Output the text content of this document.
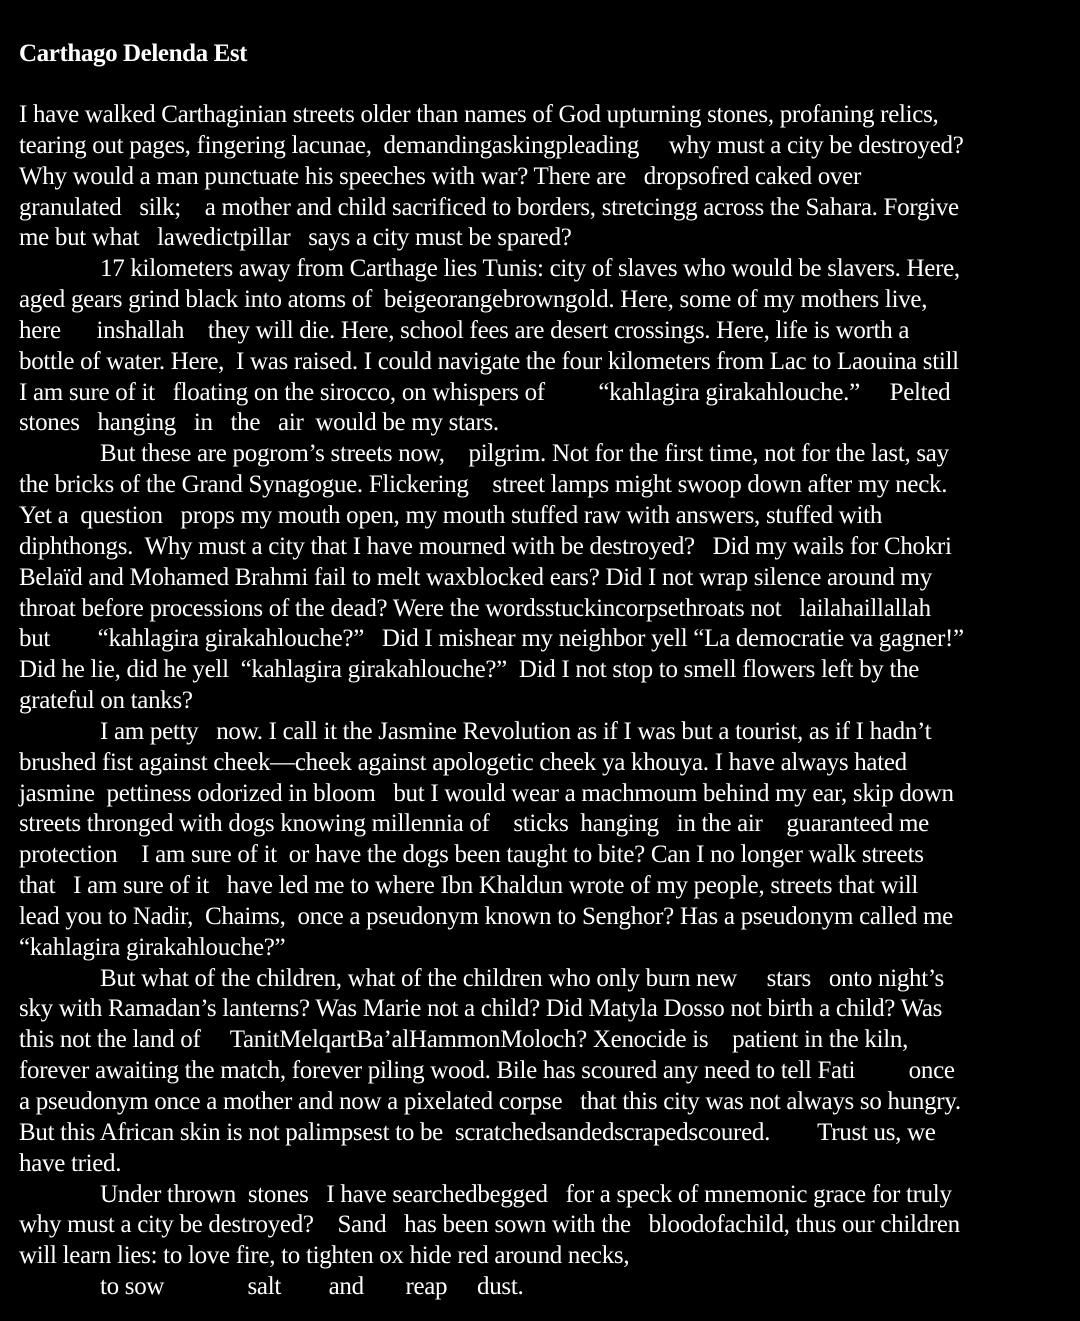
Carthago Delenda Est
I have walked Carthaginian streets older than names of God upturning stones, profaning relics,
tearing out pages, fingering lacunae,  demandingaskingpleading     why must a city be destroyed?
Why would a man punctuate his speeches with war? There are   dropsofred caked over
granulated   silk;    a mother and child sacrificed to borders, stretcingg across the Sahara. Forgive
me but what   lawedictpillar   says a city must be spared?
17 kilometers away from Carthage lies Tunis: city of slaves who would be slavers. Here,
aged gears grind black into atoms of  beigeorangebrowngold. Here, some of my mothers live,
here      inshallah    they will die. Here, school fees are desert crossings. Here, life is worth a
bottle of water. Here,  I was raised. I could navigate the four kilometers from Lac to Laouina still
I am sure of it   floating on the sirocco, on whispers of         “kahlagira girakahlouche.”     Pelted
stones   hanging   in   the   air  would be my stars.
But these are pogrom’s streets now,    pilgrim. Not for the first time, not for the last, say
the bricks of the Grand Synagogue. Flickering    street lamps might swoop down after my neck.
Yet a  question   props my mouth open, my mouth stuffed raw with answers, stuffed with
diphthongs.  Why must a city that I have mourned with be destroyed?   Did my wails for Chokri
Belaïd and Mohamed Brahmi fail to melt waxblocked ears? Did I not wrap silence around my
throat before processions of the dead? Were the wordsstuckincorpsethroats not   lailahaillallah
but        “kahlagira girakahlouche?”   Did I mishear my neighbor yell “La democratie va gagner!”
Did he lie, did he yell  “kahlagira girakahlouche?”  Did I not stop to smell flowers left by the
grateful on tanks?
I am petty   now. I call it the Jasmine Revolution as if I was but a tourist, as if I hadn’t
brushed fist against cheek—cheek against apologetic cheek ya khouya. I have always hated
jasmine  pettiness odorized in bloom   but I would wear a machmoum behind my ear, skip down
streets thronged with dogs knowing millennia of    sticks  hanging   in the air    guaranteed me
protection    I am sure of it  or have the dogs been taught to bite? Can I no longer walk streets
that   I am sure of it   have led me to where Ibn Khaldun wrote of my people, streets that will
lead you to Nadir,  Chaims,  once a pseudonym known to Senghor? Has a pseudonym called me
“kahlagira girakahlouche?”
But what of the children, what of the children who only burn new     stars   onto night’s
sky with Ramadan’s lanterns? Was Marie not a child? Did Matyla Dosso not birth a child? Was
this not the land of     TanitMelqartBa’alHammonMoloch? Xenocide is    patient in the kiln,
forever awaiting the match, forever piling wood. Bile has scoured any need to tell Fati         once
a pseudonym once a mother and now a pixelated corpse   that this city was not always so hungry.
But this African skin is not palimpsest to be  scratchedsandedscrapedscoured.        Trust us, we
have tried.
Under thrown  stones   I have searchedbegged   for a speck of mnemonic grace for truly
why must a city be destroyed?    Sand   has been sown with the   bloodofachild, thus our children
will learn lies: to love fire, to tighten ox hide red around necks,
to sow              salt        and       reap     dust.
